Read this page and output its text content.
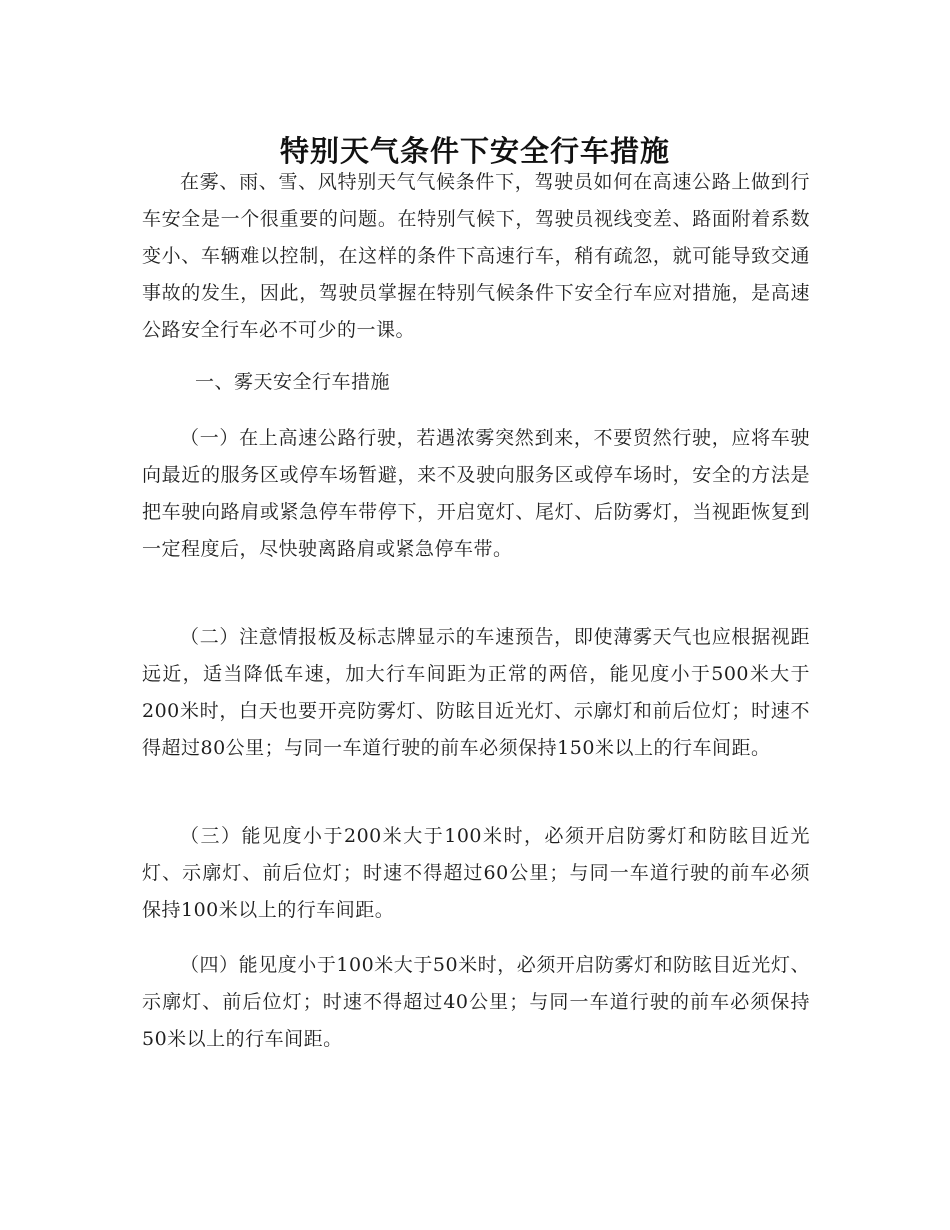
特别天气条件下安全行车措施

在雾、雨、雪、风特别天气气候条件下，驾驶员如何在高速公路上做到行车安全是一个很重要的问题。在特别气候下，驾驶员视线变差、路面附着系数变小、车辆难以控制，在这样的条件下高速行车，稍有疏忽，就可能导致交通事故的发生，因此，驾驶员掌握在特别气候条件下安全行车应对措施，是高速公路安全行车必不可少的一课。

一、雾天安全行车措施

（一）在上高速公路行驶，若遇浓雾突然到来，不要贸然行驶，应将车驶向最近的服务区或停车场暂避，来不及驶向服务区或停车场时，安全的方法是把车驶向路肩或紧急停车带停下，开启宽灯、尾灯、后防雾灯，当视距恢复到一定程度后，尽快驶离路肩或紧急停车带。

（二）注意情报板及标志牌显示的车速预告，即使薄雾天气也应根据视距远近，适当降低车速，加大行车间距为正常的两倍，能见度小于500米大于200米时，白天也要开亮防雾灯、防眩目近光灯、示廓灯和前后位灯；时速不得超过80公里；与同一车道行驶的前车必须保持150米以上的行车间距。

（三）能见度小于200米大于100米时，必须开启防雾灯和防眩目近光灯、示廓灯、前后位灯；时速不得超过60公里；与同一车道行驶的前车必须保持100米以上的行车间距。

（四）能见度小于100米大于50米时，必须开启防雾灯和防眩目近光灯、示廓灯、前后位灯；时速不得超过40公里；与同一车道行驶的前车必须保持50米以上的行车间距。
